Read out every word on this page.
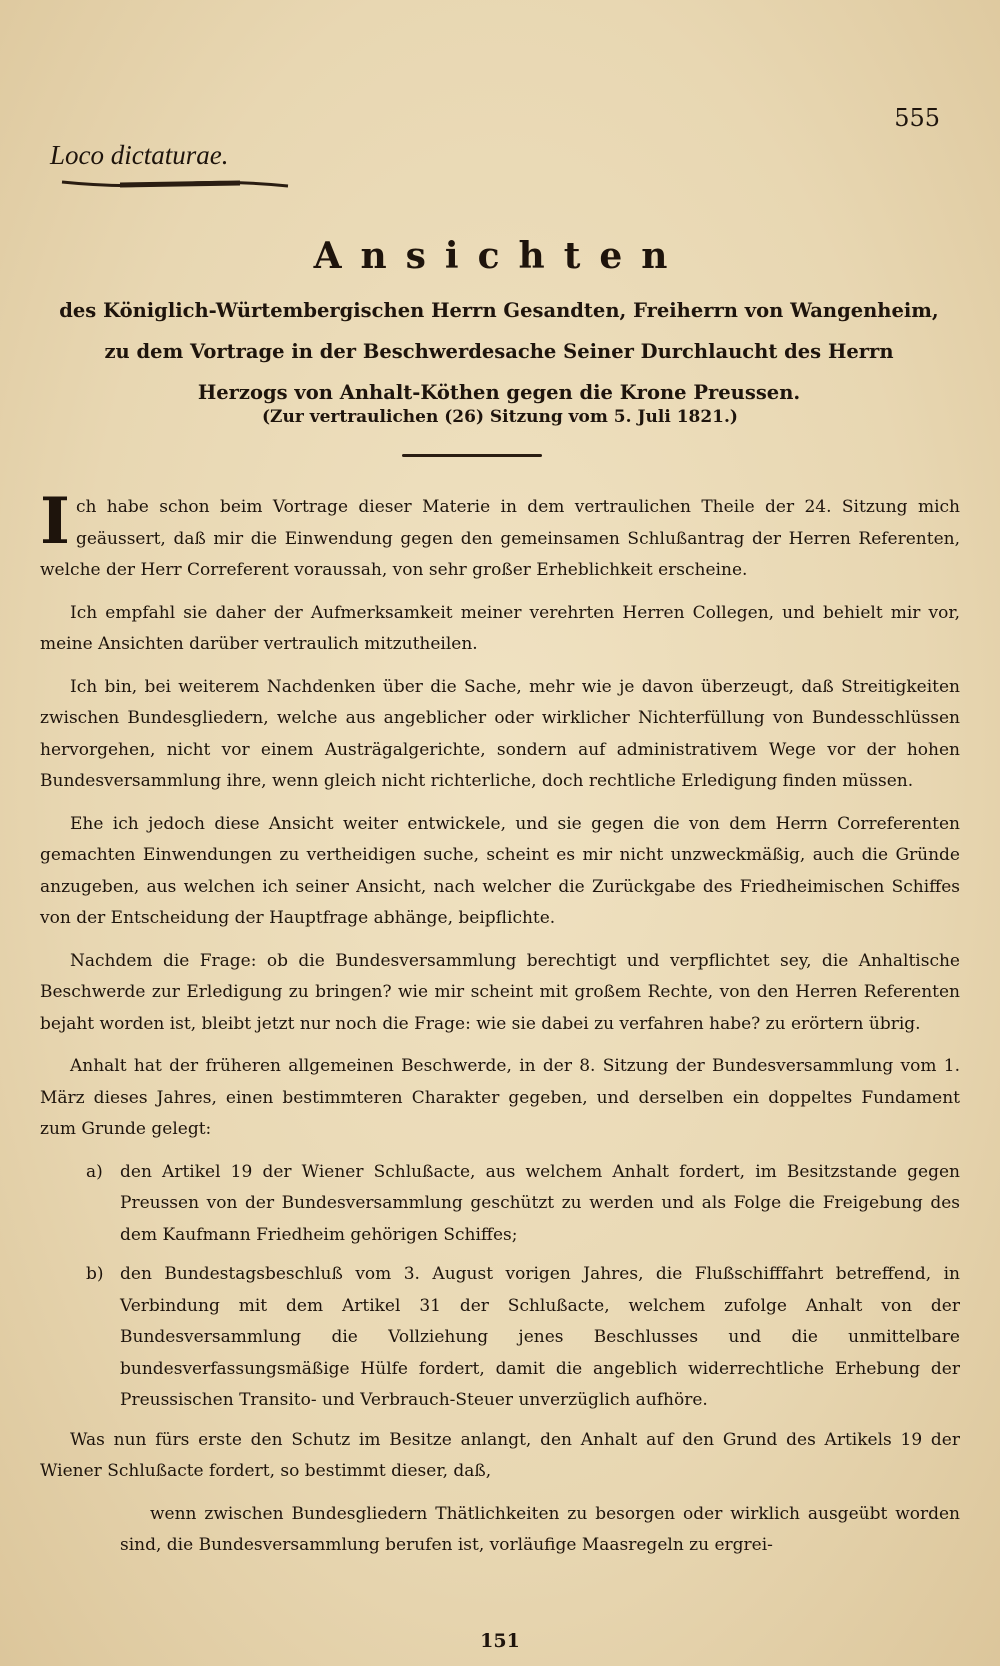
555
Loco dictaturae.
Ansichten
des Königlich-Würtembergischen Herrn Gesandten, Freiherrn von Wangenheim,
zu dem Vortrage in der Beschwerdesache Seiner Durchlaucht des Herrn
Herzogs von Anhalt-Köthen gegen die Krone Preussen.
(Zur vertraulichen (26) Sitzung vom 5. Juli 1821.)

Ich habe schon beim Vortrage dieser Materie in dem vertraulichen Theile der 24. Sitzung mich geäussert, daß mir die Einwendung gegen den gemeinsamen Schlußantrag der Herren Referenten, welche der Herr Correferent voraussah, von sehr großer Erheblichkeit erscheine.

Ich empfahl sie daher der Aufmerksamkeit meiner verehrten Herren Collegen, und behielt mir vor, meine Ansichten darüber vertraulich mitzutheilen.

Ich bin, bei weiterem Nachdenken über die Sache, mehr wie je davon überzeugt, daß Streitigkeiten zwischen Bundesgliedern, welche aus angeblicher oder wirklicher Nichterfüllung von Bundesschlüssen hervorgehen, nicht vor einem Austrägalgerichte, sondern auf administrativem Wege vor der hohen Bundesversammlung ihre, wenn gleich nicht richterliche, doch rechtliche Erledigung finden müssen.

Ehe ich jedoch diese Ansicht weiter entwickele, und sie gegen die von dem Herrn Correferenten gemachten Einwendungen zu vertheidigen suche, scheint es mir nicht unzweckmäßig, auch die Gründe anzugeben, aus welchen ich seiner Ansicht, nach welcher die Zurückgabe des Friedheimischen Schiffes von der Entscheidung der Hauptfrage abhänge, beipflichte.

Nachdem die Frage: ob die Bundesversammlung berechtigt und verpflichtet sey, die Anhaltische Beschwerde zur Erledigung zu bringen? wie mir scheint mit großem Rechte, von den Herren Referenten bejaht worden ist, bleibt jetzt nur noch die Frage: wie sie dabei zu verfahren habe? zu erörtern übrig.

Anhalt hat der früheren allgemeinen Beschwerde, in der 8. Sitzung der Bundesversammlung vom 1. März dieses Jahres, einen bestimmteren Charakter gegeben, und derselben ein doppeltes Fundament zum Grunde gelegt:

a) den Artikel 19 der Wiener Schlußacte, aus welchem Anhalt fordert, im Besitzstande gegen Preussen von der Bundesversammlung geschützt zu werden und als Folge die Freigebung des dem Kaufmann Friedheim gehörigen Schiffes;
b) den Bundestagsbeschluß vom 3. August vorigen Jahres, die Flußschifffahrt betreffend, in Verbindung mit dem Artikel 31 der Schlußacte, welchem zufolge Anhalt von der Bundesversammlung die Vollziehung jenes Beschlusses und die unmittelbare bundesverfassungsmäßige Hülfe fordert, damit die angeblich widerrechtliche Erhebung der Preussischen Transito- und Verbrauch-Steuer unverzüglich aufhöre.

Was nun fürs erste den Schutz im Besitze anlangt, den Anhalt auf den Grund des Artikels 19 der Wiener Schlußacte fordert, so bestimmt dieser, daß,

wenn zwischen Bundesgliedern Thätlichkeiten zu besorgen oder wirklich ausgeübt worden sind, die Bundesversammlung berufen ist, vorläufige Maasregeln zu ergrei-

151
